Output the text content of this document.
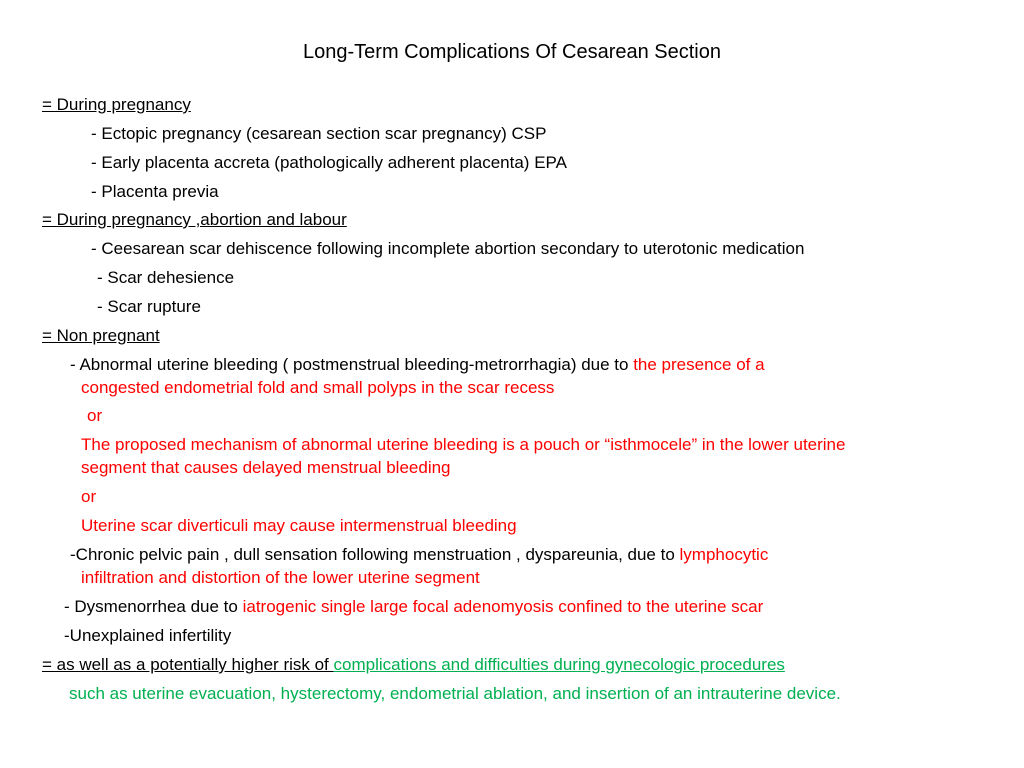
Long-Term Complications Of Cesarean Section
= During pregnancy
- Ectopic pregnancy (cesarean section scar pregnancy) CSP
- Early placenta accreta (pathologically adherent placenta) EPA
- Placenta previa
= During pregnancy ,abortion and labour
- Ceesarean scar dehiscence following incomplete abortion secondary to uterotonic medication
- Scar dehesience
- Scar rupture
= Non pregnant
- Abnormal uterine bleeding ( postmenstrual bleeding-metrorrhagia) due to the presence of a
congested endometrial fold and small polyps in the scar recess
or
The proposed mechanism of abnormal uterine bleeding is a pouch or “isthmocele” in the lower uterine
segment that causes delayed menstrual bleeding
or
Uterine scar diverticuli may cause intermenstrual bleeding
-Chronic pelvic pain , dull sensation following menstruation , dyspareunia, due to lymphocytic
infiltration and distortion of the lower uterine segment
- Dysmenorrhea due to iatrogenic single large focal adenomyosis confined to the uterine scar
-Unexplained infertility
= as well as a potentially higher risk of complications and difficulties during gynecologic procedures
such as uterine evacuation, hysterectomy, endometrial ablation, and insertion of an intrauterine device.
